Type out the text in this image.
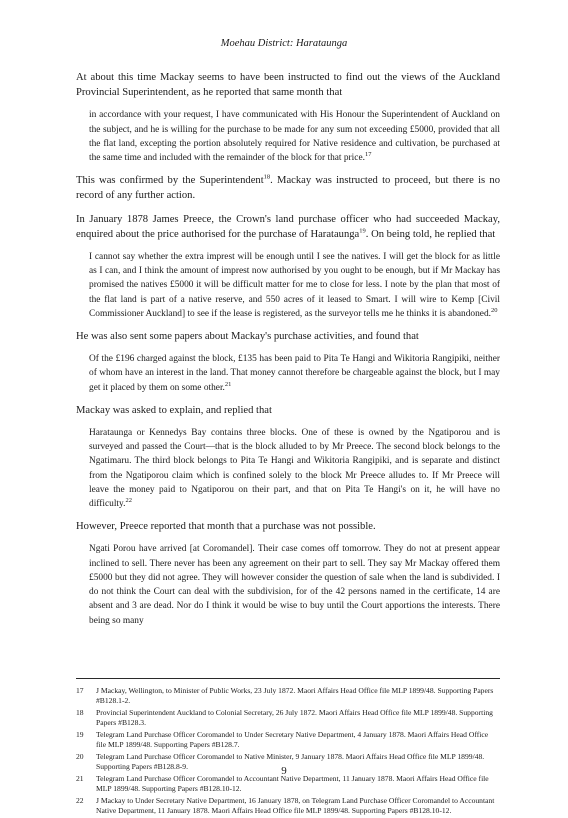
Moehau District: Harataunga

At about this time Mackay seems to have been instructed to find out the views of the Auckland Provincial Superintendent, as he reported that same month that

in accordance with your request, I have communicated with His Honour the Superintendent of Auckland on the subject, and he is willing for the purchase to be made for any sum not exceeding £5000, provided that all the flat land, excepting the portion absolutely required for Native residence and cultivation, be purchased at the same time and included with the remainder of the block for that price.$^{17}$

This was confirmed by the Superintendent$^{18}$. Mackay was instructed to proceed, but there is no record of any further action.

In January 1878 James Preece, the Crown's land purchase officer who had succeeded Mackay, enquired about the price authorised for the purchase of Harataunga$^{19}$. On being told, he replied that

I cannot say whether the extra imprest will be enough until I see the natives. I will get the block for as little as I can, and I think the amount of imprest now authorised by you ought to be enough, but if Mr Mackay has promised the natives £5000 it will be difficult matter for me to close for less. I note by the plan that most of the flat land is part of a native reserve, and 550 acres of it leased to Smart. I will wire to Kemp [Civil Commissioner Auckland] to see if the lease is registered, as the surveyor tells me he thinks it is abandoned.$^{20}$

He was also sent some papers about Mackay's purchase activities, and found that

Of the £196 charged against the block, £135 has been paid to Pita Te Hangi and Wikitoria Rangipiki, neither of whom have an interest in the land. That money cannot therefore be chargeable against the block, but I may get it placed by them on some other.$^{21}$

Mackay was asked to explain, and replied that

Harataunga or Kennedys Bay contains three blocks. One of these is owned by the Ngatiporou and is surveyed and passed the Court—that is the block alluded to by Mr Preece. The second block belongs to the Ngatimaru. The third block belongs to Pita Te Hangi and Wikitoria Rangipiki, and is separate and distinct from the Ngatiporou claim which is confined solely to the block Mr Preece alludes to. If Mr Preece will leave the money paid to Ngatiporou on their part, and that on Pita Te Hangi's on it, he will have no difficulty.$^{22}$

However, Preece reported that month that a purchase was not possible.

Ngati Porou have arrived [at Coromandel]. Their case comes off tomorrow. They do not at present appear inclined to sell. There never has been any agreement on their part to sell. They say Mr Mackay offered them £5000 but they did not agree. They will however consider the question of sale when the land is subdivided. I do not think the Court can deal with the subdivision, for of the 42 persons named in the certificate, 14 are absent and 3 are dead. Nor do I think it would be wise to buy until the Court apportions the interests. There being so many

17	J Mackay, Wellington, to Minister of Public Works, 23 July 1872. Maori Affairs Head Office file MLP 1899/48. Supporting Papers #B128.1-2.
18	Provincial Superintendent Auckland to Colonial Secretary, 26 July 1872. Maori Affairs Head Office file MLP 1899/48. Supporting Papers #B128.3.
19	Telegram Land Purchase Officer Coromandel to Under Secretary Native Department, 4 January 1878. Maori Affairs Head Office file MLP 1899/48. Supporting Papers #B128.7.
20	Telegram Land Purchase Officer Coromandel to Native Minister, 9 January 1878. Maori Affairs Head Office file MLP 1899/48. Supporting Papers #B128.8-9.
21	Telegram Land Purchase Officer Coromandel to Accountant Native Department, 11 January 1878. Maori Affairs Head Office file MLP 1899/48. Supporting Papers #B128.10-12.
22	J Mackay to Under Secretary Native Department, 16 January 1878, on Telegram Land Purchase Officer Coromandel to Accountant Native Department, 11 January 1878. Maori Affairs Head Office file MLP 1899/48. Supporting Papers #B128.10-12.
9
